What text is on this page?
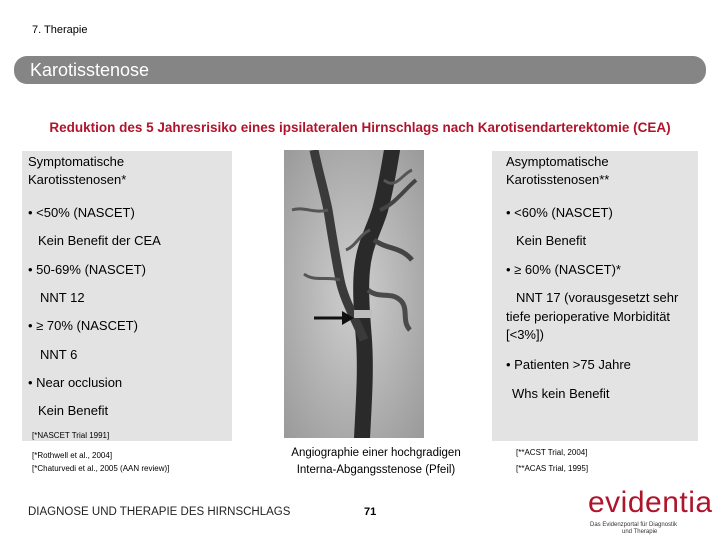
7. Therapie
Karotisstenose
Reduktion des 5 Jahresrisiko eines ipsilateralen Hirnschlags nach Karotisendarterektomie (CEA)
Symptomatische
Karotisstenosen*
• <50% (NASCET)
Kein Benefit der CEA
• 50-69% (NASCET)
NNT 12
• ≥ 70% (NASCET)
NNT 6
• Near occlusion
Kein Benefit
[*NASCET Trial 1991]
[*Rothwell et al., 2004]
[*Chaturvedi et al., 2005 (AAN review)]
Asymptomatische
Karotisstenosen**
• <60% (NASCET)
Kein Benefit
• ≥ 60% (NASCET)*
NNT 17 (vorausgesetzt sehr
tiefe perioperative Morbidität
[<3%])
• Patienten >75 Jahre
Whs kein Benefit
[**ACST Trial, 2004]
[**ACAS Trial, 1995]
Angiographie einer hochgradigen
Interna-Abgangsstenose (Pfeil)
DIAGNOSE UND THERAPIE DES HIRNSCHLAGS	71	evidentia
Das Evidenzportal für Diagnostik
und Therapie
